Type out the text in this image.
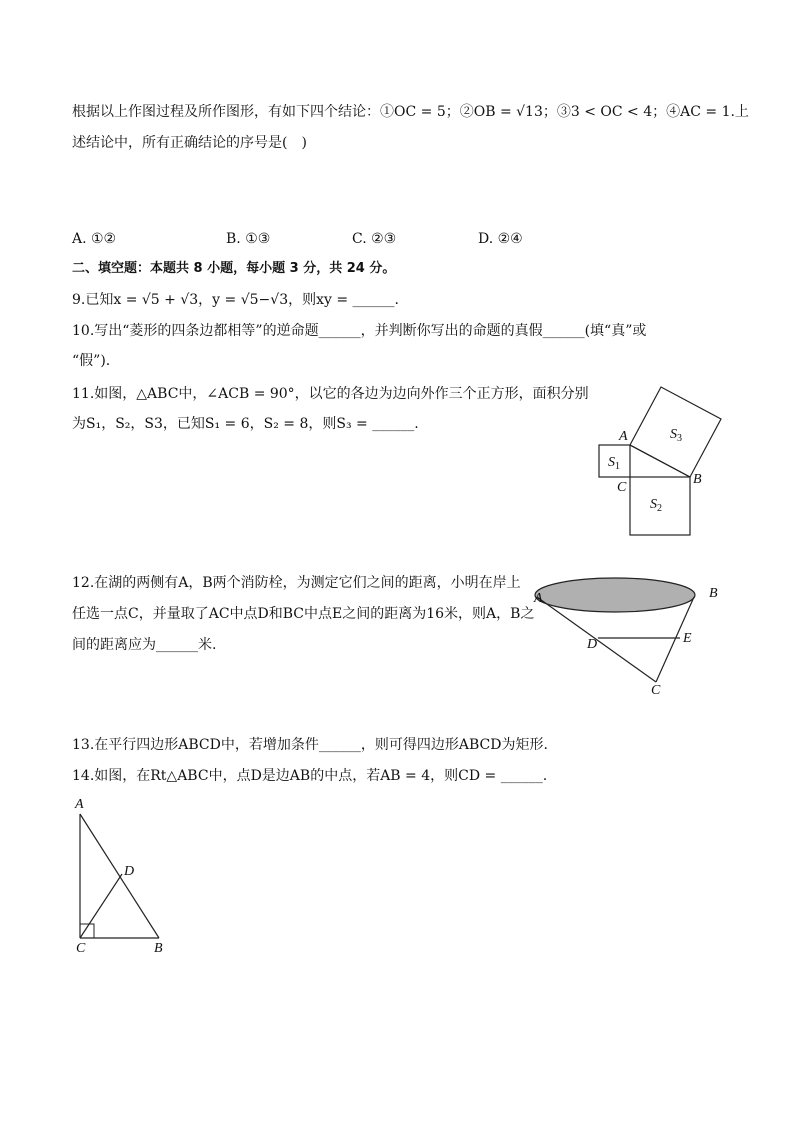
根据以上作图过程及所作图形，有如下四个结论：①OC = 5；②OB = √13；③3 < OC < 4；④AC = 1.上
述结论中，所有正确结论的序号是(　)
A. ①②	B. ①③	C. ②③	D. ②④
二、填空题：本题共 8 小题，每小题 3 分，共 24 分。
9.已知x = √5 + √3，y = √5−√3，则xy = ______.
10.写出“菱形的四条边都相等”的逆命题______，并判断你写出的命题的真假______(填“真”或
“假”).
11.如图，△ABC中，∠ACB = 90°，以它的各边为边向外作三个正方形，面积分别
为S₁，S₂，S3，已知S₁ = 6，S₂ = 8，则S₃ = ______.
A
B
C
$S_1$
$S_2$
$S_3$
12.在湖的两侧有A，B两个消防栓，为测定它们之间的距离，小明在岸上
任选一点C，并量取了AC中点D和BC中点E之间的距离为16米，则A，B之
间的距离应为______米.
A	B
C
D	E
13.在平行四边形ABCD中，若增加条件______，则可得四边形ABCD为矩形.
14.如图，在Rt△ABC中，点D是边AB的中点，若AB = 4，则CD = ______.
A
B
C
D
